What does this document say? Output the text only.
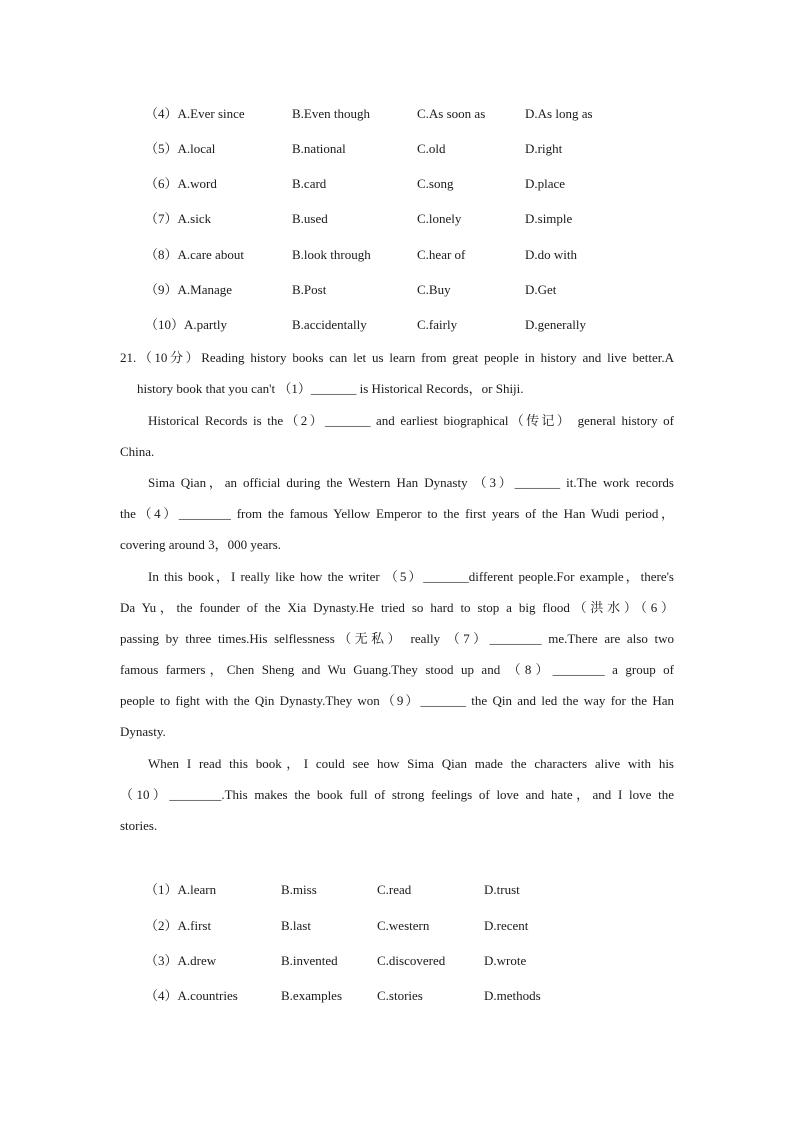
（4）A.Ever since	B.Even though	C.As soon as	D.As long as
（5）A.local	B.national	C.old	D.right
（6）A.word	B.card	C.song	D.place
（7）A.sick	B.used	C.lonely	D.simple
（8）A.care about	B.look through	C.hear of	D.do with
（9）A.Manage	B.Post	C.Buy	D.Get
（10）A.partly	B.accidentally	C.fairly	D.generally
21.（10分）Reading history books can let us learn from great people in history and live better.A
history book that you can't （1）_______ is Historical Records，or Shiji.
Historical Records is the（2）_______ and earliest biographical（传记） general history of
China.
Sima Qian，an official during the Western Han Dynasty （3）_______ it.The work records
the（4）________ from the famous Yellow Emperor to the first years of the Han Wudi period，
covering around 3，000 years.
In this book，I really like how the writer （5）_______different people.For example，there's
Da Yu，the founder of the Xia Dynasty.He tried so hard to stop a big flood（洪水）（6）
passing by three times.His selflessness（无私） really （7）________ me.There are also two
famous farmers，Chen Sheng and Wu Guang.They stood up and （8）________ a group of
people to fight with the Qin Dynasty.They won（9）_______ the Qin and led the way for the Han
Dynasty.
When I read this book，I could see how Sima Qian made the characters alive with his
（10）________.This makes the book full of strong feelings of love and hate，and I love the
stories.
（1）A.learn	B.miss	C.read	D.trust
（2）A.first	B.last	C.western	D.recent
（3）A.drew	B.invented	C.discovered	D.wrote
（4）A.countries	B.examples	C.stories	D.methods
